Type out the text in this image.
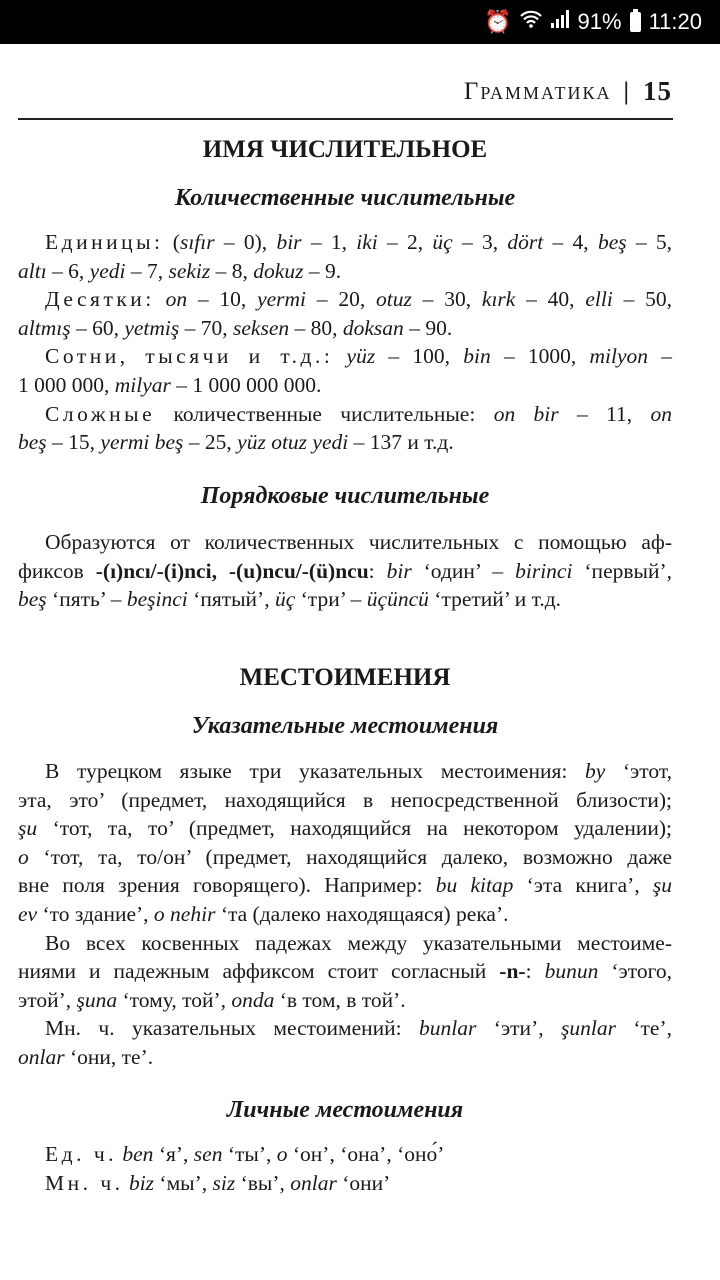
⏰	91% 11:20
Грамматика | 15
ИМЯ ЧИСЛИТЕЛЬНОЕ
Количественные числительные
Единицы: (sıfır – 0), bir – 1, iki – 2, üç – 3, dört – 4, beş – 5,
altı – 6, yedi – 7, sekiz – 8, dokuz – 9.
Десятки: on – 10, yermi – 20, otuz – 30, kırk – 40, elli – 50,
altmış – 60, yetmiş – 70, seksen – 80, doksan – 90.
Сотни, тысячи и т.д.: yüz – 100, bin – 1000, milyon –
1 000 000, milyar – 1 000 000 000.
Сложные количественные числительные: on bir – 11, on
beş – 15, yermi beş – 25, yüz otuz yedi – 137 и т.д.
Порядковые числительные
Образуются от количественных числительных с помощью аф-
фиксов -(ı)ncı/-(i)nci, -(u)ncu/-(ü)ncu: bir ‘один’ – birinci ‘первый’,
beş ‘пять’ – beşinci ‘пятый’, üç ‘три’ – üçüncü ‘третий’ и т.д.
МЕСТОИМЕНИЯ
Указательные местоимения
В турецком языке три указательных местоимения: by ‘этот,
эта, это’ (предмет, находящийся в непосредственной близости);
şu ‘тот, та, то’ (предмет, находящийся на некотором удалении);
o ‘тот, та, то/он’ (предмет, находящийся далеко, возможно даже
вне поля зрения говорящего). Например: bu kitap ‘эта книга’, şu
ev ‘то здание’, o nehir ‘та (далеко находящаяся) река’.
Во всех косвенных падежах между указательными местоиме-
ниями и падежным аффиксом стоит согласный -n-: bunun ‘этого,
этой’, şuna ‘тому, той’, onda ‘в том, в той’.
Мн. ч. указательных местоимений: bunlar ‘эти’, şunlar ‘те’,
onlar ‘они, те’.
Личные местоимения
Ед. ч. ben ‘я’, sen ‘ты’, o ‘он’, ‘она’, ‘оно́’
Мн. ч. biz ‘мы’, siz ‘вы’, onlar ‘они’
